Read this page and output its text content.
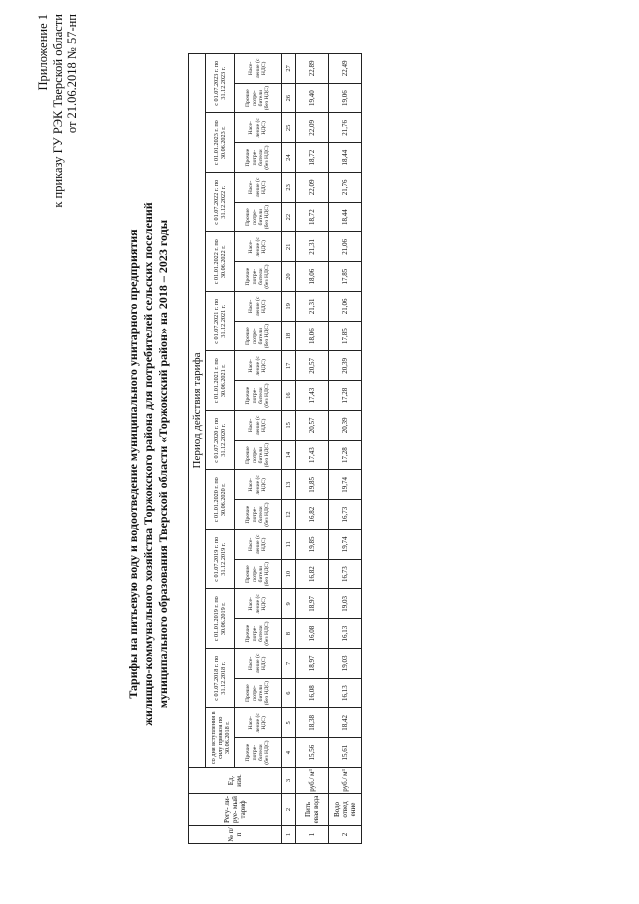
Приложение 1 к приказу ГУ РЭК Тверской области от 21.06.2018 № 57-нп
Тарифы на питьевую воду и водоотведение муниципального унитарного предприятия жилищно-коммунального хозяйства Торжокского района для потребителей сельских поселений муниципального образования Тверской области «Торжокский район» на 2018 – 2023 годы
№ п/ п	Регу- ли- руе- мый тариф	Ед. изм.	Период действия тарифа																							
			со дня вступления в силу приказа по 30.06.2018 г.		с 01.07.2018 г. по 31.12.2018 г.		с 01.01.2019 г. по 30.06.2019 г.		с 01.07.2019 г. по 31.12.2019 г.		с 01.01.2020 г. по 30.06.2020 г.		с 01.07.2020 г. по 31.12.2020 г.		с 01.01.2021 г. по 30.06.2021 г.		с 01.07.2021 г. по 31.12.2021 г.		с 01.01.2022 г. по 30.06.2022 г.		с 01.07.2022 г. по 31.12.2022 г.		с 01.01.2023 г. по 30.06.2023 г.		с 01.07.2023 г. по 31.12.2023 г.	
			Прочие потре- бители (без НДС)	Насе- ление (с НДС)	Прочие потре- бители (без НДС)	Насе- ление (с НДС)	Прочие потре- бители (без НДС)	Насе- ление (с НДС)	Прочие потре- бители (без НДС)	Насе- ление (с НДС)	Прочие потре- бители (без НДС)	Насе- ление (с НДС)	Прочие потре- бители (без НДС)	Насе- ление (с НДС)	Прочие потре- бители (без НДС)	Насе- ление (с НДС)	Прочие потре- бители (без НДС)	Насе- ление (с НДС)	Прочие потре- бители (без НДС)	Насе- ление (с НДС)	Прочие потре- бители (без НДС)	Насе- ление (с НДС)	Прочие потре- бители (без НДС)	Насе- ление (с НДС)	Прочие потре- бители (без НДС)	Насе- ление (с НДС)
1	2	3	4	5	6	7	8	9	10	11	12	13	14	15	16	17	18	19	20	21	22	23	24	25	26	27
1	Пить евая вода	руб./ м³	15,56	18,38	16,08	18,97	16,08	18,97	16,82	19,85	16,82	19,85	17,43	20,57	17,43	20,57	18,06	21,31	18,06	21,31	18,72	22,09	18,72	22,09	19,40	22,89
2	Водо отвед ение	руб./ м³	15,61	18,42	16,13	19,03	16,13	19,03	16,73	19,74	16,73	19,74	17,28	20,39	17,28	20,39	17,85	21,06	17,85	21,06	18,44	21,76	18,44	21,76	19,06	22,49
